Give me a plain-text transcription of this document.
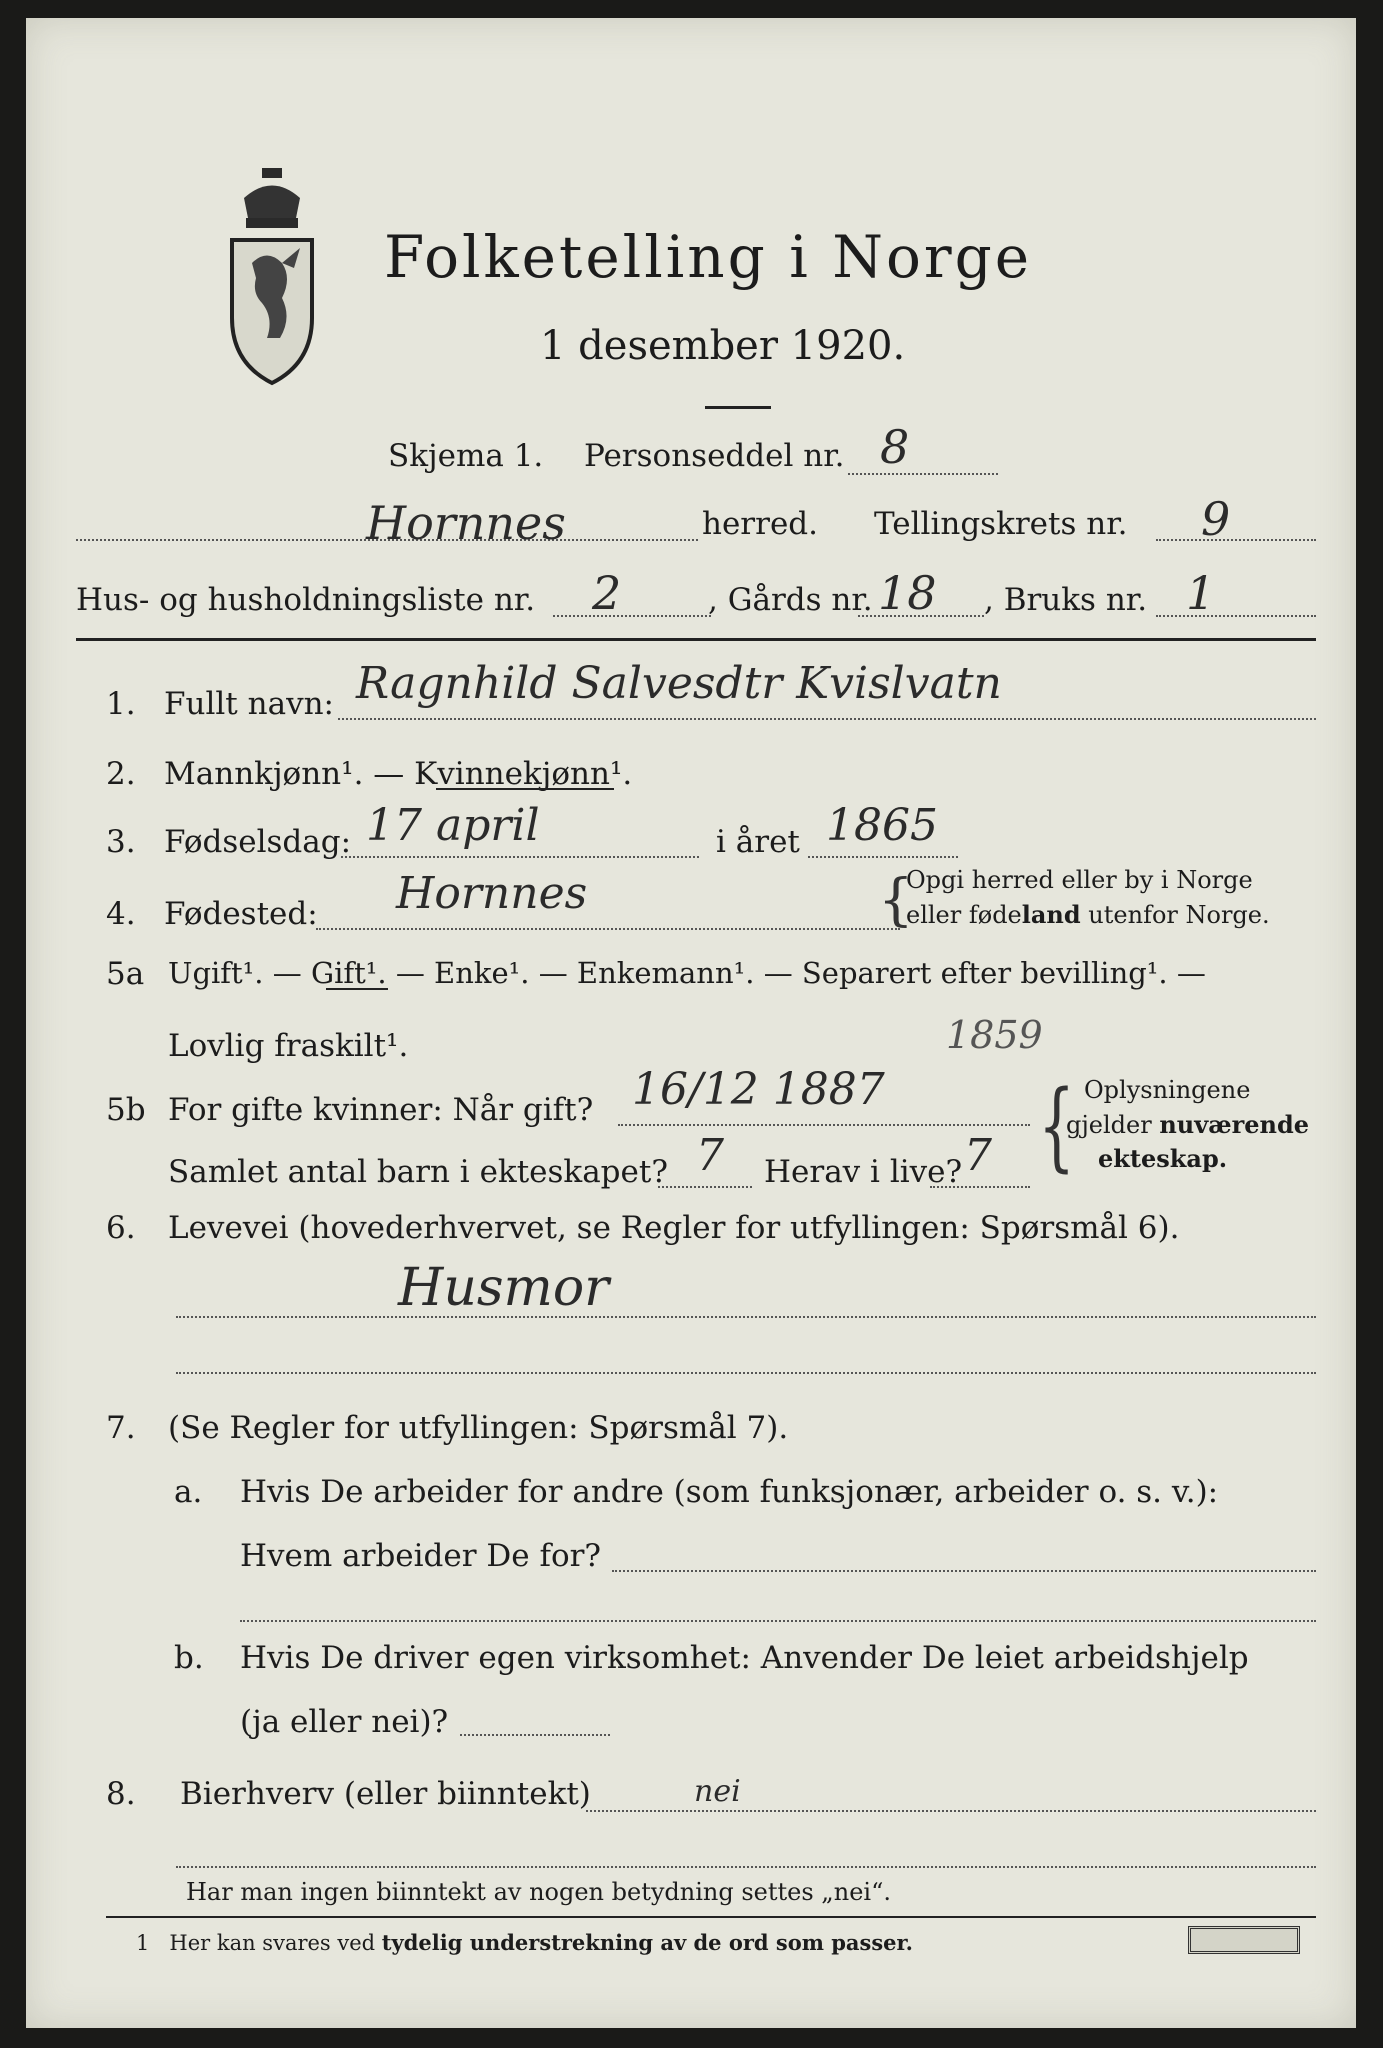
Folketelling i Norge
1 desember 1920.
Skjema 1. Personseddel nr. 8
Hornnes	herred. Tellingskrets nr. 9
Hus- og husholdningsliste nr. 2	, Gårds nr. 18 , Bruks nr. 1
1. Fullt navn: Ragnhild Salvesdtr Kvislvatn
2. Mannkjønn¹. — Kvinnekjønn¹.
3. Fødselsdag: 17 april	i året 1865
4. Fødested: Hornnes	{
Opgi herred eller by i Norge
eller fødeland utenfor Norge.
5a Ugift¹. — Gift¹. — Enke¹. — Enkemann¹. — Separert efter bevilling¹. —
Lovlig fraskilt¹.	1859
5b For gifte kvinner: Når gift? 16/12 1887
Samlet antal barn i ekteskapet? 7 Herav i live? 7 { Oplysningene
gjelder nuværende
ekteskap.
6. Levevei (hovederhvervet, se Regler for utfyllingen: Spørsmål 6).
Husmor
7. (Se Regler for utfyllingen: Spørsmål 7).
a. Hvis De arbeider for andre (som funksjonær, arbeider o. s. v.):
Hvem arbeider De for?
b. Hvis De driver egen virksomhet: Anvender De leiet arbeidshjelp
(ja eller nei)?
8. Bierhverv (eller biinntekt)	nei
Har man ingen biinntekt av nogen betydning settes „nei“.
1 Her kan svares ved tydelig understrekning av de ord som passer.
